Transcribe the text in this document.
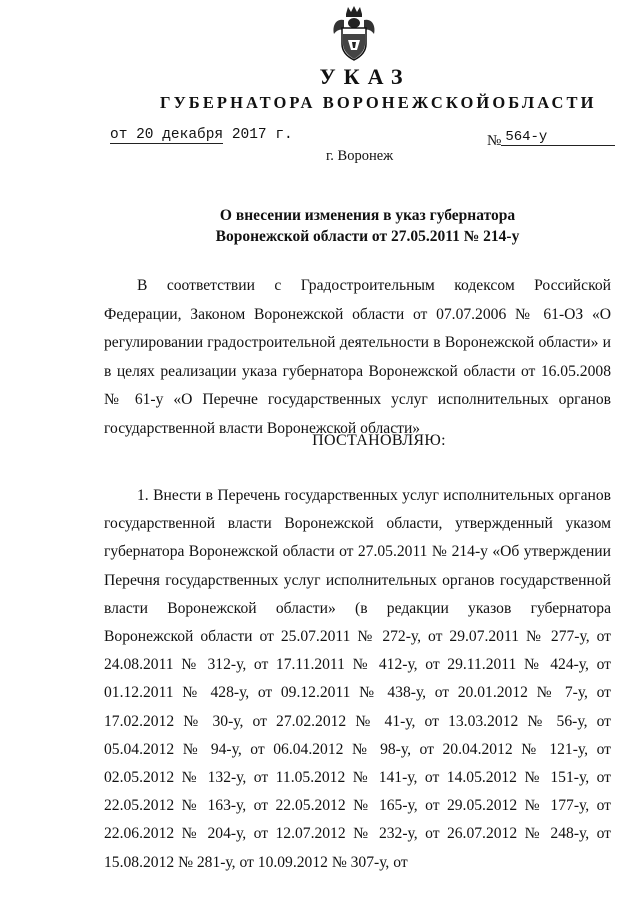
УКАЗ
ГУБЕРНАТОРА ВОРОНЕЖСКОЙОБЛАСТИ
от 20 декабря 2017 г.	№ 564-у
г. Воронеж
О внесении изменения в указ губернатора
Воронежской области от 27.05.2011 № 214-у

В соответствии с Градостроительным кодексом Российской Федерации, Законом Воронежской области от 07.07.2006 № 61-ОЗ «О регулировании градостроительной деятельности в Воронежской области» и в целях реализации указа губернатора Воронежской области от 16.05.2008 № 61-у «О Перечне государственных услуг исполнительных органов государственной власти Воронежской области»

ПОСТАНОВЛЯЮ:

1. Внести в Перечень государственных услуг исполнительных органов государственной власти Воронежской области, утвержденный указом губернатора Воронежской области от 27.05.2011 № 214-у «Об утверждении Перечня государственных услуг исполнительных органов государственной власти Воронежской области» (в редакции указов губернатора Воронежской области от 25.07.2011 № 272-у, от 29.07.2011 № 277-у, от 24.08.2011 № 312-у, от 17.11.2011 № 412-у, от 29.11.2011 № 424-у, от 01.12.2011 № 428-у, от 09.12.2011 № 438-у, от 20.01.2012 № 7-у, от 17.02.2012 № 30-у, от 27.02.2012 № 41-у, от 13.03.2012 № 56-у, от 05.04.2012 № 94-у, от 06.04.2012 № 98-у, от 20.04.2012 № 121-у, от 02.05.2012 № 132-у, от 11.05.2012 № 141-у, от 14.05.2012 № 151-у, от 22.05.2012 № 163-у, от 22.05.2012 № 165-у, от 29.05.2012 № 177-у, от 22.06.2012 № 204-у, от 12.07.2012 № 232-у, от 26.07.2012 № 248-у, от 15.08.2012 № 281-у, от 10.09.2012 № 307-у, от
